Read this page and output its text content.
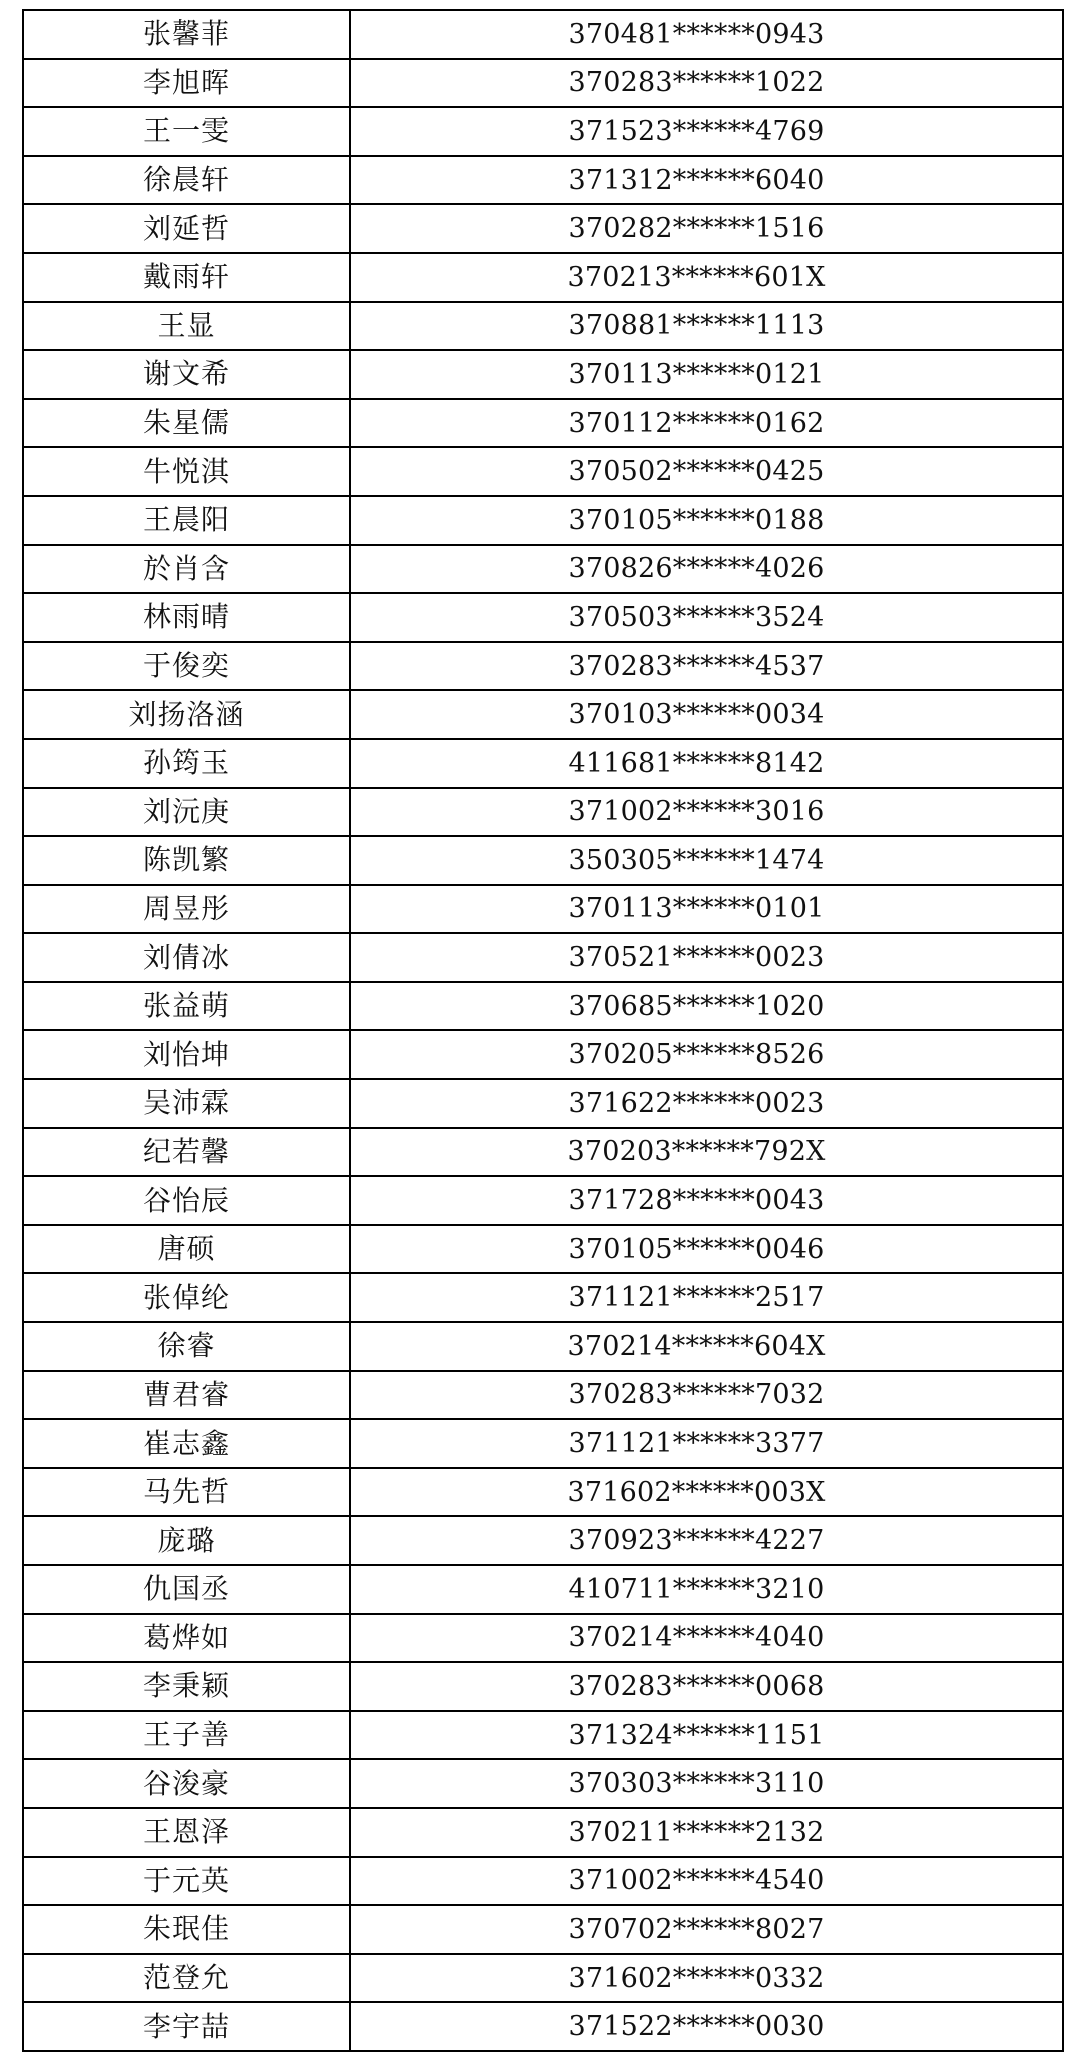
张馨菲	370481******0943
李旭晖	370283******1022
王一雯	371523******4769
徐晨轩	371312******6040
刘延哲	370282******1516
戴雨轩	370213******601X
王显	370881******1113
谢文希	370113******0121
朱星儒	370112******0162
牛悦淇	370502******0425
王晨阳	370105******0188
於肖含	370826******4026
林雨晴	370503******3524
于俊奕	370283******4537
刘扬洛涵	370103******0034
孙筠玉	411681******8142
刘沅庚	371002******3016
陈凯繁	350305******1474
周昱彤	370113******0101
刘倩冰	370521******0023
张益萌	370685******1020
刘怡坤	370205******8526
吴沛霖	371622******0023
纪若馨	370203******792X
谷怡辰	371728******0043
唐硕	370105******0046
张倬纶	371121******2517
徐睿	370214******604X
曹君睿	370283******7032
崔志鑫	371121******3377
马先哲	371602******003X
庞璐	370923******4227
仇国丞	410711******3210
葛烨如	370214******4040
李秉颖	370283******0068
王子善	371324******1151
谷浚豪	370303******3110
王恩泽	370211******2132
于元英	371002******4540
朱珉佳	370702******8027
范登允	371602******0332
李宇喆	371522******0030
